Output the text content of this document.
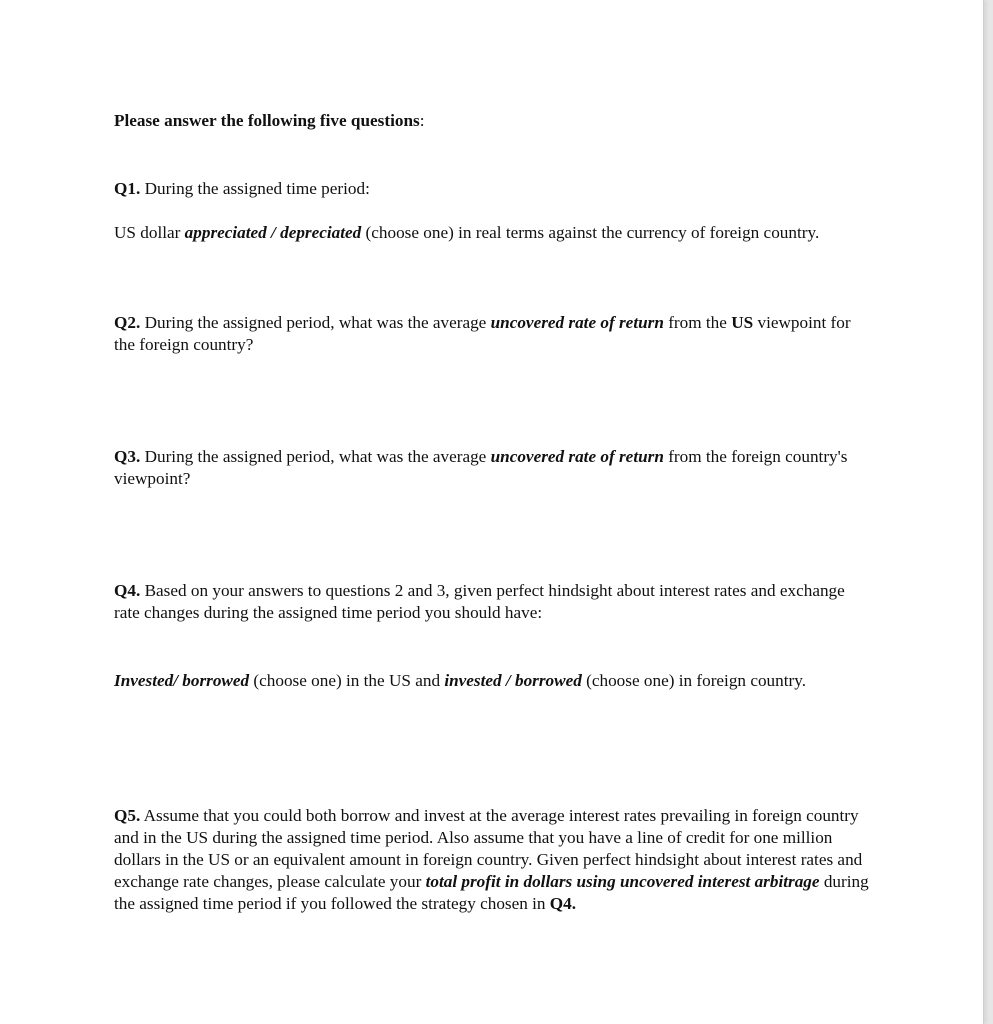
Please answer the following five questions:

Q1. During the assigned time period:

US dollar appreciated / depreciated (choose one) in real terms against the currency of foreign country.

Q2. During the assigned period, what was the average uncovered rate of return from the US viewpoint for the foreign country?

Q3. During the assigned period, what was the average uncovered rate of return from the foreign country's viewpoint?

Q4. Based on your answers to questions 2 and 3, given perfect hindsight about interest rates and exchange rate changes during the assigned time period you should have:

Invested/ borrowed (choose one) in the US and invested / borrowed (choose one) in foreign country.

Q5. Assume that you could both borrow and invest at the average interest rates prevailing in foreign country and in the US during the assigned time period. Also assume that you have a line of credit for one million dollars in the US or an equivalent amount in foreign country. Given perfect hindsight about interest rates and exchange rate changes, please calculate your total profit in dollars using uncovered interest arbitrage during the assigned time period if you followed the strategy chosen in Q4.
